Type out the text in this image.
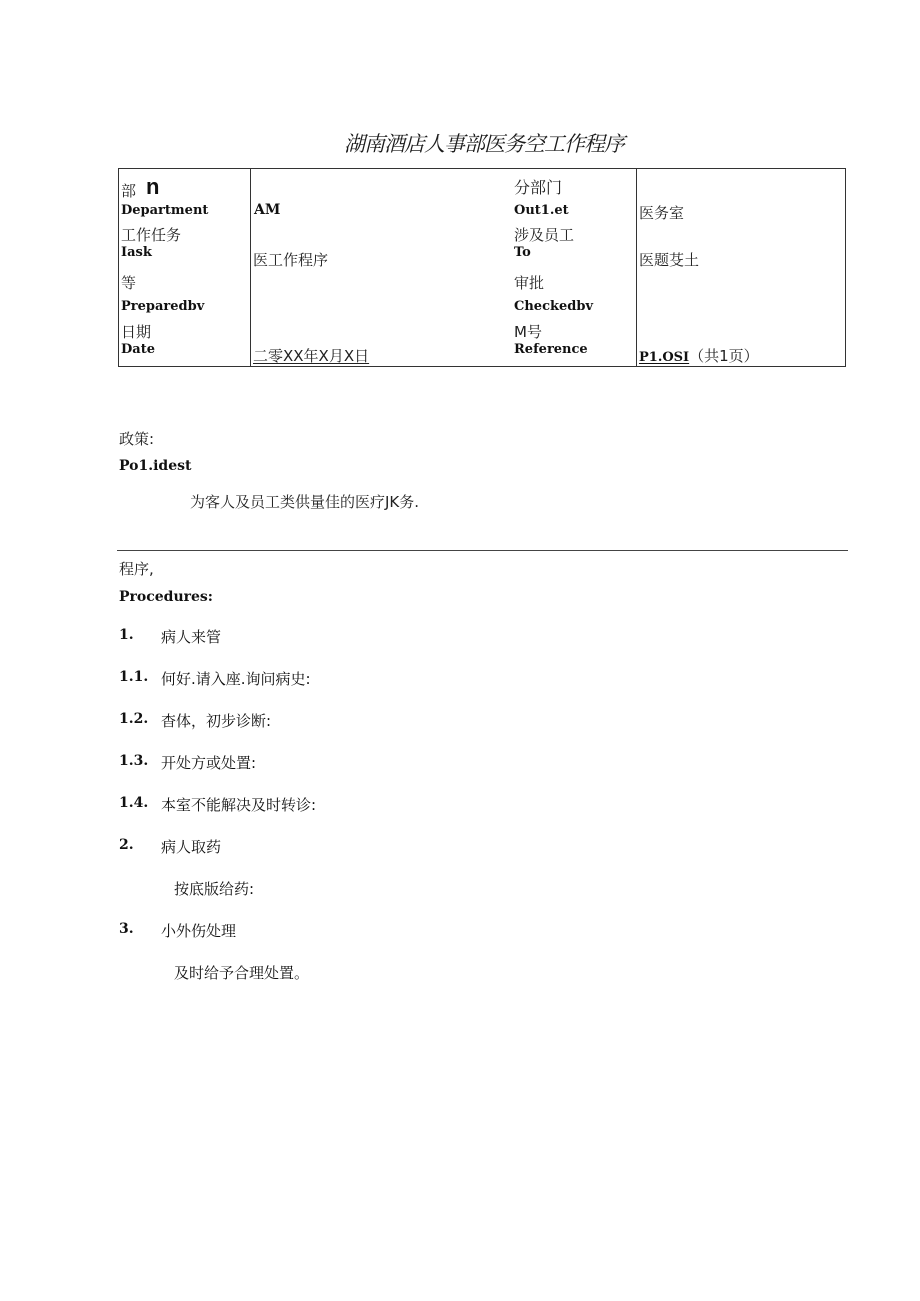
湖南酒店人事部医务空工作程序
部 n
Department
工作任务
Iask
等
Preparedbv
日期
Date
AM
医工作程序
二零XX年X月X日
分部门
Out1.et
涉及员工
To
审批
Checkedbv
M号
Reference
医务室
医题芟土
P1.OSI（共1页）
政策:
Po1.idest
为客人及员工类供量佳的医疗JK务.
程序,
Procedures:
1. 病人来管
1.1. 何好.请入座.询问病史:
1.2. 杳体，初步诊断:
1.3. 开处方或处置:
1.4. 本室不能解决及时转诊:
2. 病人取药
按底版给药:
3. 小外伤处理
及时给予合理处置。
